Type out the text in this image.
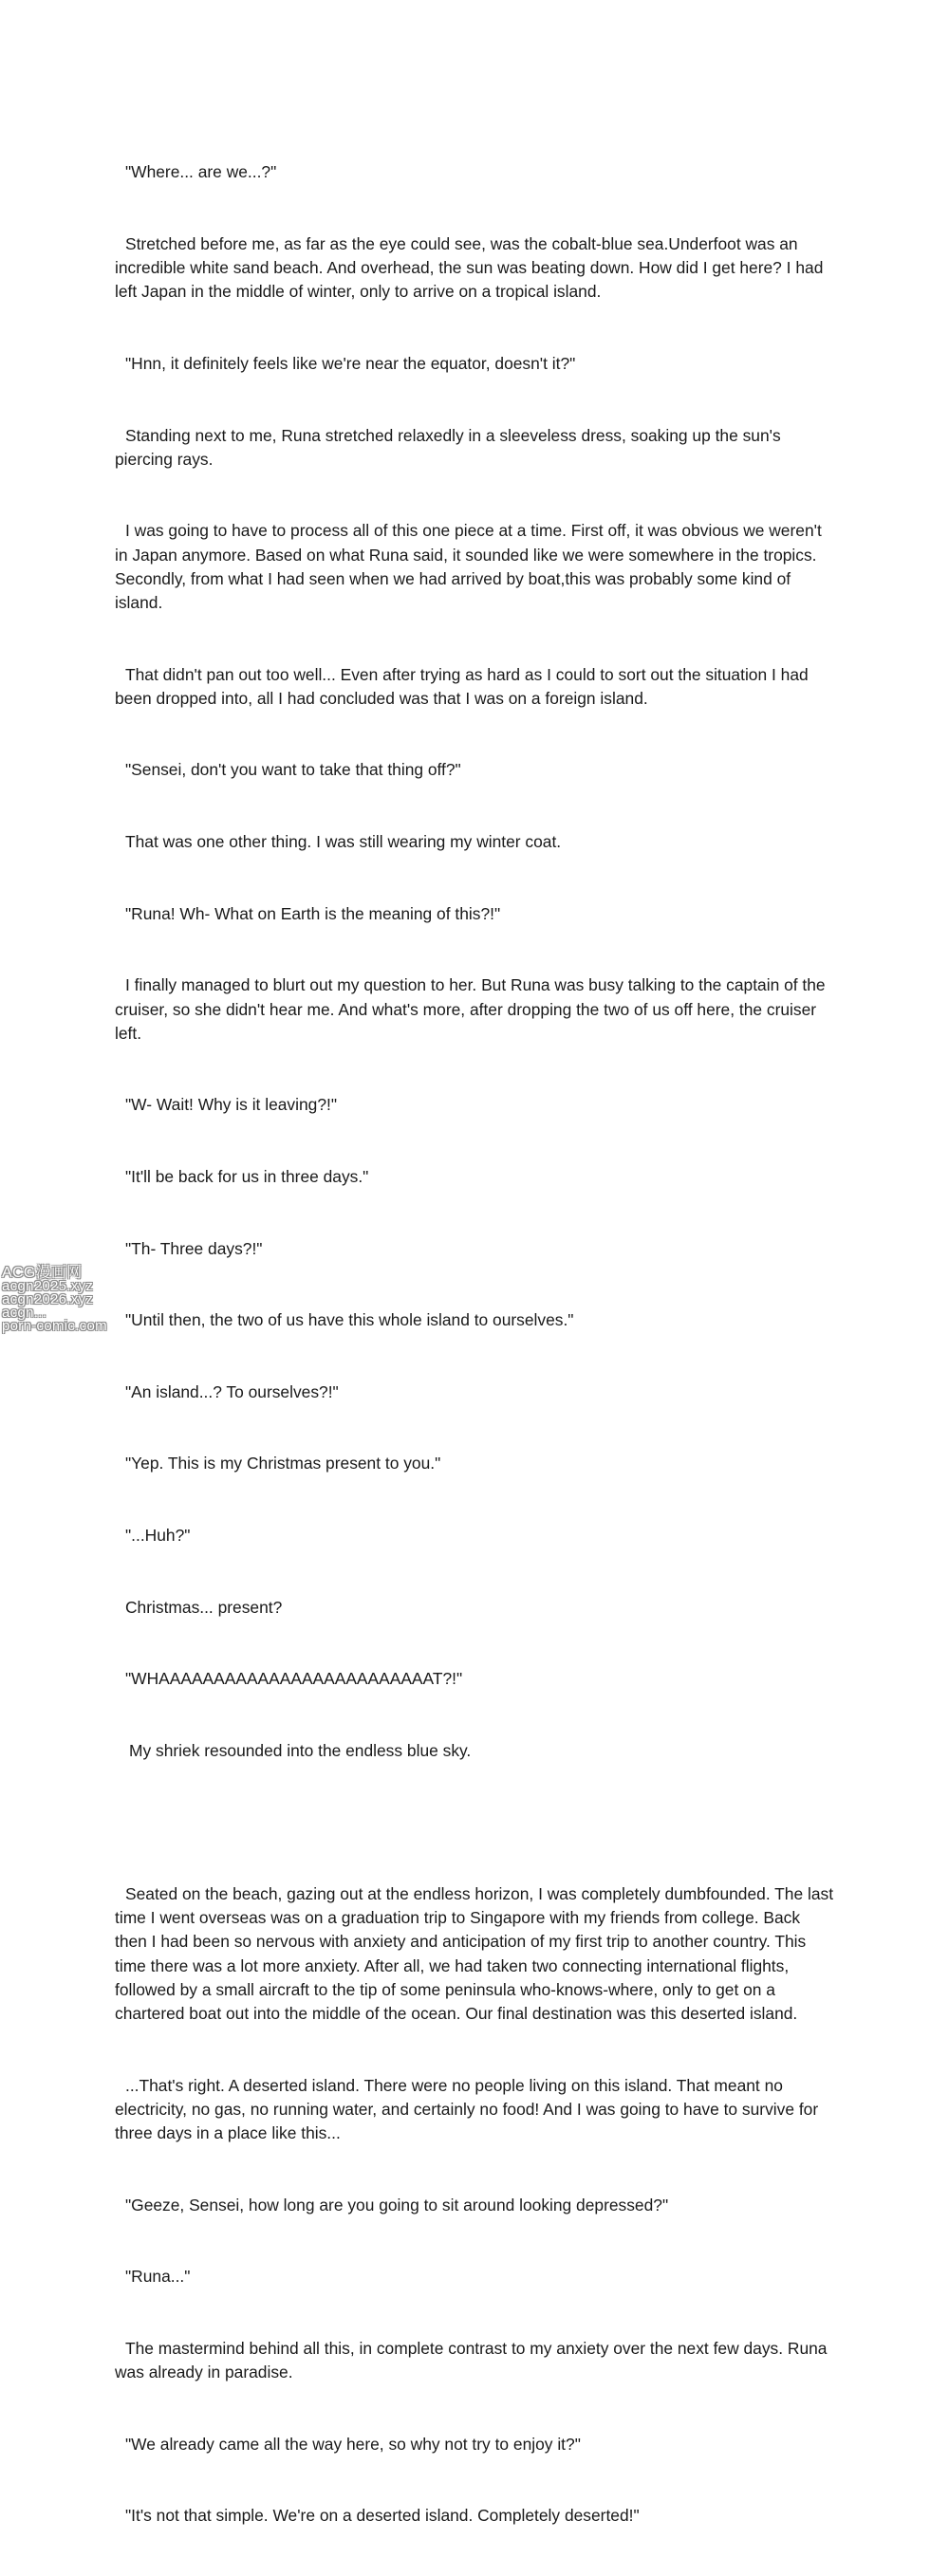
"Where... are we...?"

Stretched before me, as far as the eye could see, was the cobalt-blue sea.Underfoot was an incredible white sand beach. And overhead, the sun was beating down. How did I get here? I had left Japan in the middle of winter, only to arrive on a tropical island.

"Hnn, it definitely feels like we're near the equator, doesn't it?"

Standing next to me, Runa stretched relaxedly in a sleeveless dress, soaking up the sun's piercing rays.

I was going to have to process all of this one piece at a time. First off, it was obvious we weren't in Japan anymore. Based on what Runa said, it sounded like we were somewhere in the tropics. Secondly, from what I had seen when we had arrived by boat,this was probably some kind of island.

That didn't pan out too well... Even after trying as hard as I could to sort out the situation I had been dropped into, all I had concluded was that I was on a foreign island.

"Sensei, don't you want to take that thing off?"

That was one other thing. I was still wearing my winter coat.

"Runa! Wh- What on Earth is the meaning of this?!"

I finally managed to blurt out my question to her. But Runa was busy talking to the captain of the cruiser, so she didn't hear me. And what's more, after dropping the two of us off here, the cruiser left.

"W- Wait! Why is it leaving?!"

"It'll be back for us in three days."

"Th- Three days?!"

"Until then, the two of us have this whole island to ourselves."

"An island...? To ourselves?!"

"Yep. This is my Christmas present to you."

"...Huh?"

Christmas... present?

"WHAAAAAAAAAAAAAAAAAAAAAAAAAT?!"

My shriek resounded into the endless blue sky.

Seated on the beach, gazing out at the endless horizon, I was completely dumbfounded. The last time I went overseas was on a graduation trip to Singapore with my friends from college. Back then I had been so nervous with anxiety and anticipation of my first trip to another country. This time there was a lot more anxiety. After all, we had taken two connecting international flights, followed by a small aircraft to the tip of some peninsula who-knows-where, only to get on a chartered boat out into the middle of the ocean. Our final destination was this deserted island.

...That's right. A deserted island. There were no people living on this island. That meant no electricity, no gas, no running water, and certainly no food! And I was going to have to survive for three days in a place like this...

"Geeze, Sensei, how long are you going to sit around looking depressed?"

"Runa..."

The mastermind behind all this, in complete contrast to my anxiety over the next few days. Runa was already in paradise.

"We already came all the way here, so why not try to enjoy it?"

"It's not that simple. We're on a deserted island. Completely deserted!"

ACG漫画网
acgn2025.xyz
acgn2026.xyz
acgn...
porn-comic.com
